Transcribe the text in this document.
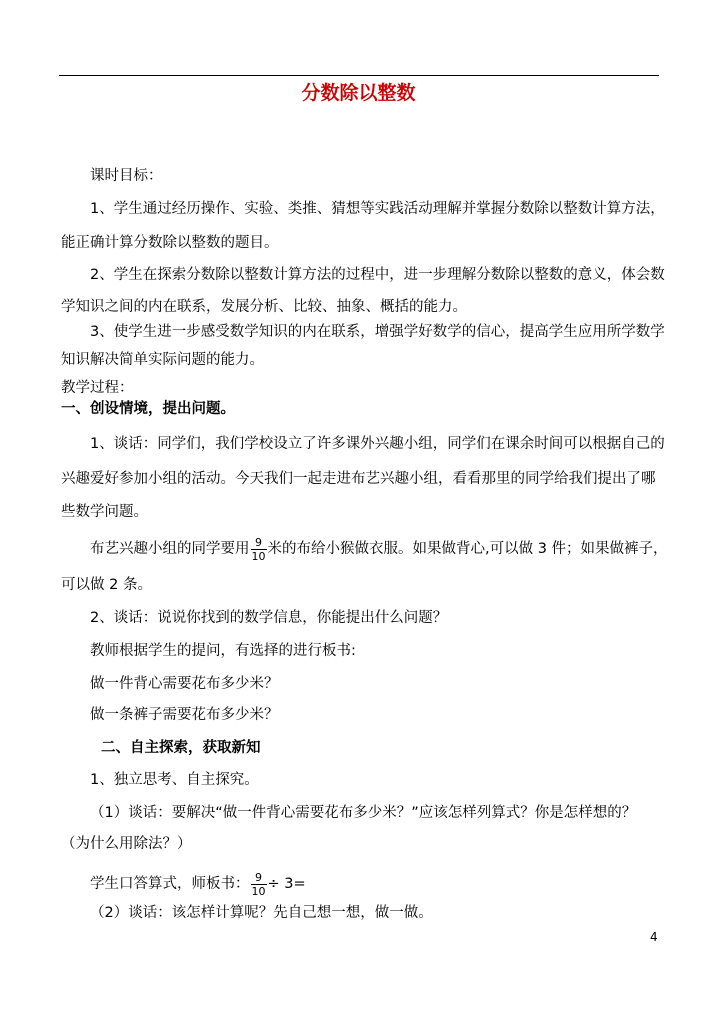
分数除以整数
课时目标：
1、学生通过经历操作、实验、类推、猜想等实践活动理解并掌握分数除以整数计算方法，
能正确计算分数除以整数的题目。
2、学生在探索分数除以整数计算方法的过程中，进一步理解分数除以整数的意义，体会数
学知识之间的内在联系，发展分析、比较、抽象、概括的能力。
3、使学生进一步感受数学知识的内在联系，增强学好数学的信心，提高学生应用所学数学
知识解决简单实际问题的能力。
教学过程：
一、创设情境，提出问题。
1、谈话：同学们，我们学校设立了许多课外兴趣小组，同学们在课余时间可以根据自己的
兴趣爱好参加小组的活动。今天我们一起走进布艺兴趣小组，看看那里的同学给我们提出了哪
些数学问题。
布艺兴趣小组的同学要用 $\frac{9}{10}$ 米的布给小猴做衣服。如果做背心,可以做 3 件；如果做裤子，
可以做 2 条。
2、谈话：说说你找到的数学信息，你能提出什么问题？
教师根据学生的提问，有选择的进行板书:
做一件背心需要花布多少米？
做一条裤子需要花布多少米？
二、自主探索，获取新知
1、独立思考、自主探究。
（1）谈话：要解决“做一件背心需要花布多少米？”应该怎样列算式？你是怎样想的？
（为什么用除法？）
学生口答算式，师板书： $\frac{9}{10} \div 3=$
（2）谈话：该怎样计算呢？先自己想一想，做一做。
4
